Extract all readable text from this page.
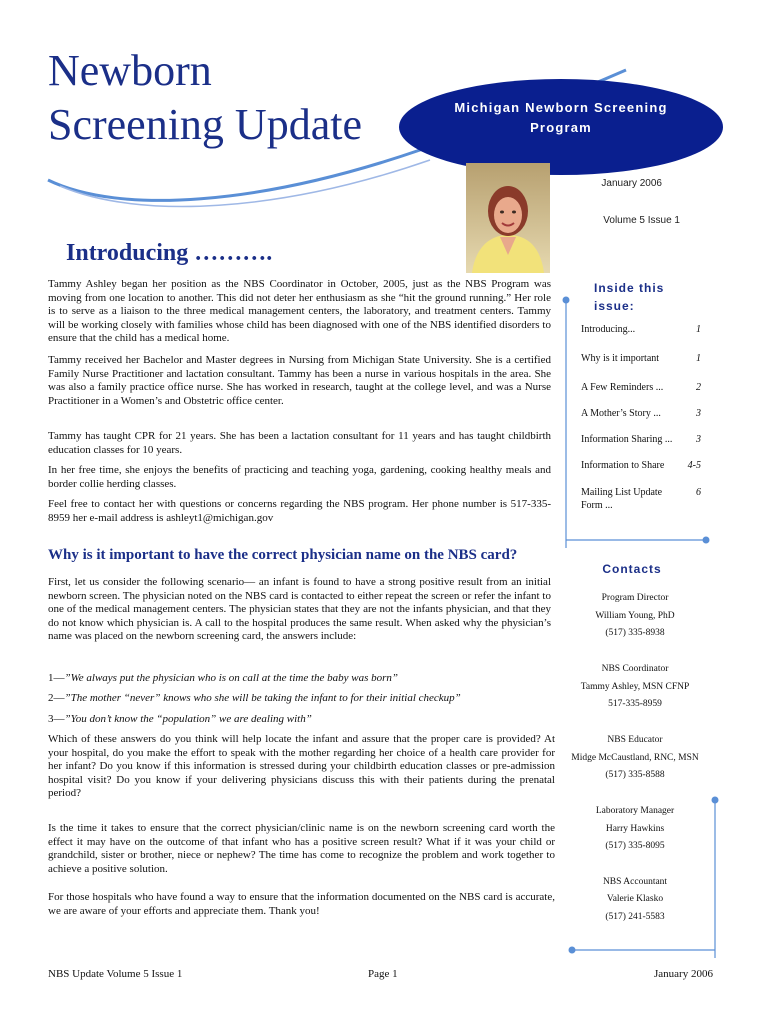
Newborn
Screening Update	Michigan Newborn Screening
Program
January 2006
Volume 5 Issue 1
Introducing ……….
Tammy Ashley began her position as the NBS Coordinator in October, 2005, just as the NBS Program was moving from one location to another. This did not deter her enthusiasm as she “hit the ground running.” Her role is to serve as a liaison to the three medical management centers, the laboratory, and treatment centers. Tammy will be working closely with families whose child has been diagnosed with one of the NBS identified disorders to ensure that the child has a medical home.
Tammy received her Bachelor and Master degrees in Nursing from Michigan State University. She is a certified Family Nurse Practitioner and lactation consultant. Tammy has been a nurse in various hospitals in the area. She was also a family practice office nurse. She has worked in research, taught at the college level, and was a Nurse Practitioner in a Women’s and Obstetric office center.
Tammy has taught CPR for 21 years. She has been a lactation consultant for 11 years and has taught childbirth education classes for 10 years.
In her free time, she enjoys the benefits of practicing and teaching yoga, gardening, cooking healthy meals and border collie herding classes.
Feel free to contact her with questions or concerns regarding the NBS program. Her phone number is 517-335-8959 her e-mail address is ashleyt1@michigan.gov
Why is it important to have the correct physician name on the NBS card?
First, let us consider the following scenario— an infant is found to have a strong positive result from an initial newborn screen. The physician noted on the NBS card is contacted to either repeat the screen or refer the infant to one of the medical management centers. The physician states that they are not the infants physician, and that they do not know which physician is. A call to the hospital produces the same result. When asked why the physician’s name was placed on the newborn screening card, the answers include:
1—”We always put the physician who is on call at the time the baby was born”
2—”The mother “never” knows who she will be taking the infant to for their initial checkup”
3—”You don’t know the “population” we are dealing with”
Which of these answers do you think will help locate the infant and assure that the proper care is provided? At your hospital, do you make the effort to speak with the mother regarding her choice of a health care provider for her infant? Do you know if this information is stressed during your childbirth education classes or pre-admission hospital visit? Do you know if your delivering physicians discuss this with their patients during the prenatal period?
Is the time it takes to ensure that the correct physician/clinic name is on the newborn screening card worth the effect it may have on the outcome of that infant who has a positive screen result? What if it was your child or grandchild, sister or brother, niece or nephew? The time has come to recognize the problem and work together to achieve a positive solution.
For those hospitals who have found a way to ensure that the information documented on the NBS card is accurate, we are aware of your efforts and appreciate them. Thank you!
Inside this
issue:
Introducing...	1
Why is it important	1
A Few Reminders ...	2
A Mother’s Story ...	3
Information Sharing ...	3
Information to Share	4-5
Mailing List Update Form ...
6
Contacts
Program Director
William Young, PhD
(517) 335-8938
NBS Coordinator
Tammy Ashley, MSN CFNP
517-335-8959
NBS Educator
Midge McCaustland, RNC, MSN
(517) 335-8588
Laboratory Manager
Harry Hawkins
(517) 335-8095
NBS Accountant
Valerie Klasko
(517) 241-5583
NBS Update Volume 5 Issue 1	Page 1	January 2006
